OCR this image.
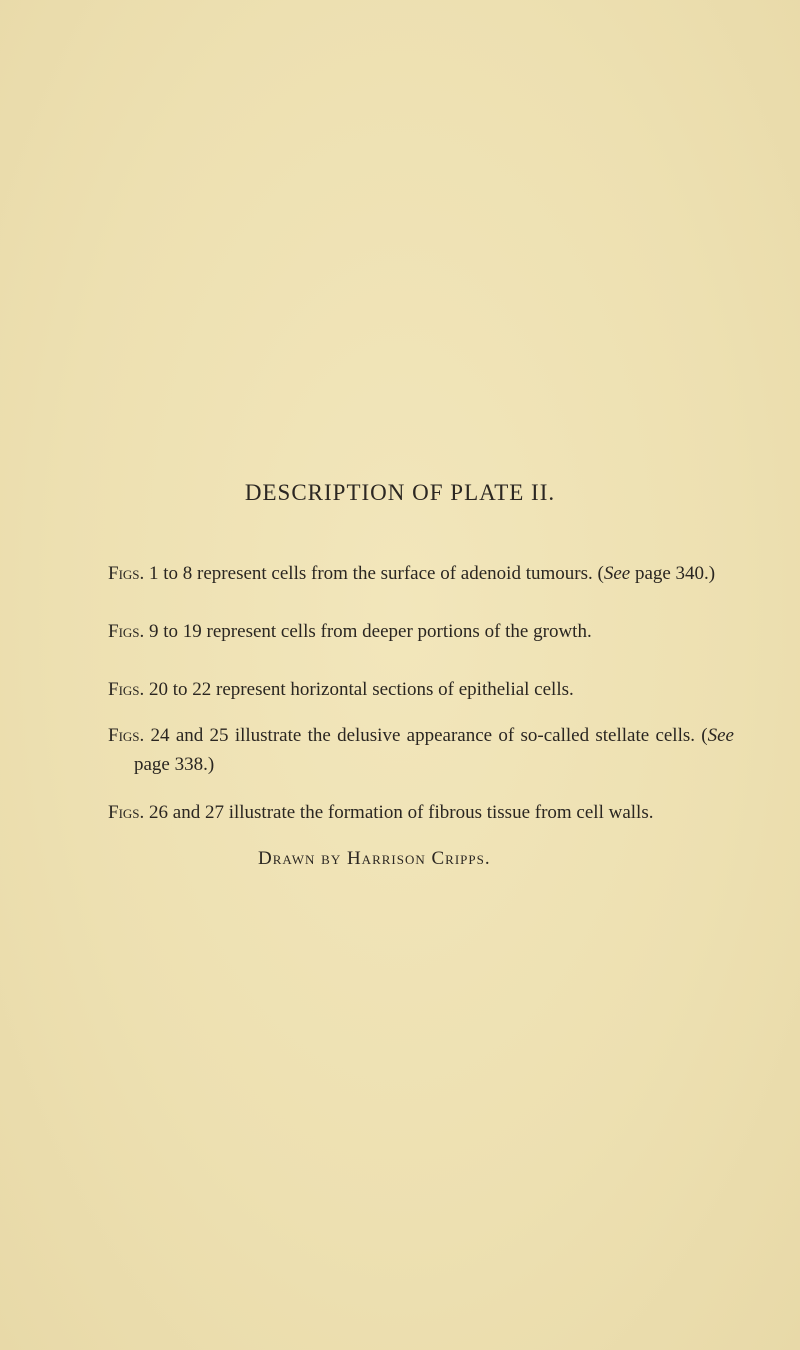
DESCRIPTION OF PLATE II.

Figs. 1 to 8 represent cells from the surface of adenoid tumours. (See page 340.)

Figs. 9 to 19 represent cells from deeper portions of the growth.

Figs. 20 to 22 represent horizontal sections of epithelial cells.

Figs. 24 and 25 illustrate the delusive appearance of so-called stellate cells. (See page 338.)

Figs. 26 and 27 illustrate the formation of fibrous tissue from cell walls.

Drawn by Harrison Cripps.
